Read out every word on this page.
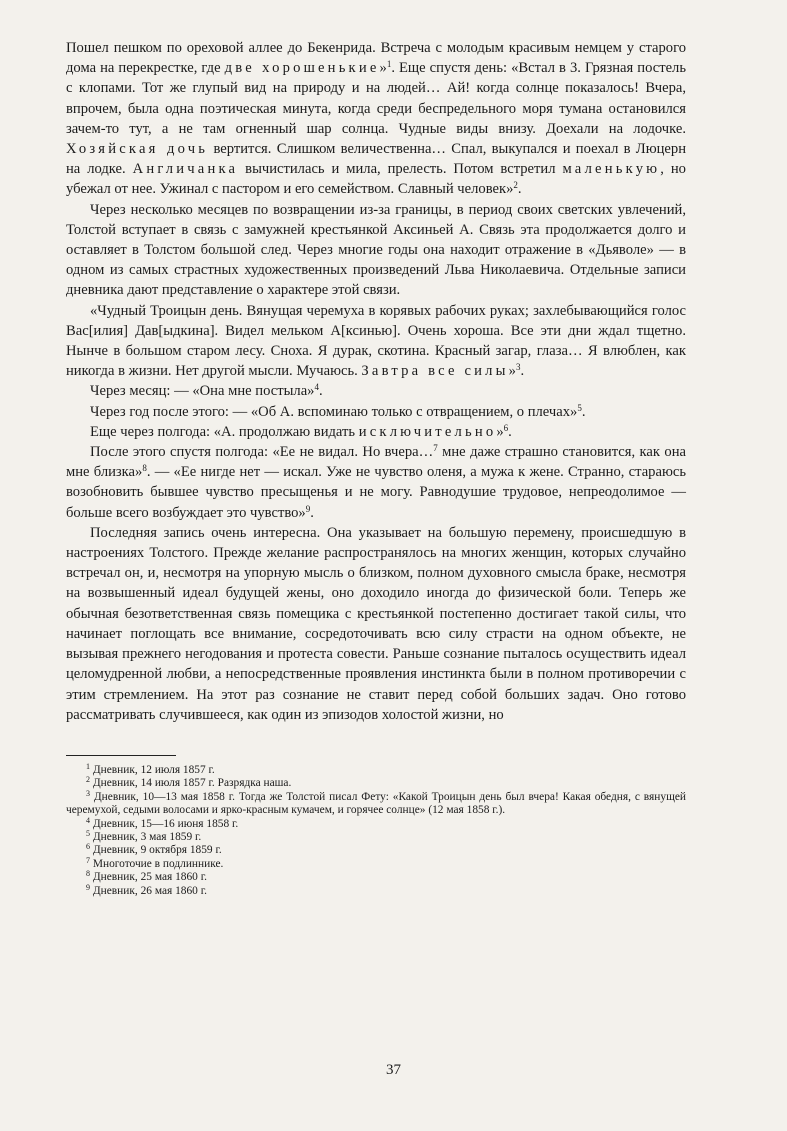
Пошел пешком по ореховой аллее до Бекенрида. Встреча с молодым красивым немцем у старого дома на перекрестке, где две хорошенькие»$^1$. Еще спустя день: «Встал в 3. Грязная постель с клопами. Тот же глупый вид на природу и на людей… Ай! когда солнце показалось! Вчера, впрочем, была одна поэтическая минута, когда среди беспредельного моря тумана остановился зачем-то тут, а не там огненный шар солнца. Чудные виды внизу. Доехали на лодочке. Хозяйская дочь вертится. Слишком величественна… Спал, выкупался и поехал в Люцерн на лодке. Англичанка вычистилась и мила, прелесть. Потом встретил маленькую, но убежал от нее. Ужинал с пастором и его семейством. Славный человек»$^2$.

Через несколько месяцев по возвращении из-за границы, в период своих светских увлечений, Толстой вступает в связь с замужней крестьянкой Аксиньей А. Связь эта продолжается долго и оставляет в Толстом большой след. Через многие годы она находит отражение в «Дьяволе» — в одном из самых страстных художественных произведений Льва Николаевича. Отдельные записи дневника дают представление о характере этой связи.

«Чудный Троицын день. Вянущая черемуха в корявых рабочих руках; захлебывающийся голос Вас[илия] Дав[ыдкина]. Видел мельком А[ксинью]. Очень хороша. Все эти дни ждал тщетно. Нынче в большом старом лесу. Сноха. Я дурак, скотина. Красный загар, глаза… Я влюблен, как никогда в жизни. Нет другой мысли. Мучаюсь. Завтра все силы»$^3$.

Через месяц: — «Она мне постыла»$^4$.

Через год после этого: — «Об А. вспоминаю только с отвращением, о плечах»$^5$.

Еще через полгода: «А. продолжаю видать исключительно»$^6$.

После этого спустя полгода: «Ее не видал. Но вчера…$^7$ мне даже страшно становится, как она мне близка»$^8$. — «Ее нигде нет — искал. Уже не чувство оленя, а мужа к жене. Странно, стараюсь возобновить бывшее чувство пресыщенья и не могу. Равнодушие трудовое, непреодолимое — больше всего возбуждает это чувство»$^9$.

Последняя запись очень интересна. Она указывает на большую перемену, происшедшую в настроениях Толстого. Прежде желание распространялось на многих женщин, которых случайно встречал он, и, несмотря на упорную мысль о близком, полном духовного смысла браке, несмотря на возвышенный идеал будущей жены, оно доходило иногда до физической боли. Теперь же обычная безответственная связь помещика с крестьянкой постепенно достигает такой силы, что начинает поглощать все внимание, сосредоточивать всю силу страсти на одном объекте, не вызывая прежнего негодования и протеста совести. Раньше сознание пыталось осуществить идеал целомудренной любви, а непосредственные проявления инстинкта были в полном противоречии с этим стремлением. На этот раз сознание не ставит перед собой больших задач. Оно готово рассматривать случившееся, как один из эпизодов холостой жизни, но

$^1$ Дневник, 12 июля 1857 г.

$^2$ Дневник, 14 июля 1857 г. Разрядка наша.

$^3$ Дневник, 10—13 мая 1858 г. Тогда же Толстой писал Фету: «Какой Троицын день был вчера! Какая обедня, с вянущей черемухой, седыми волосами и ярко-красным кумачем, и горячее солнце» (12 мая 1858 г.).

$^4$ Дневник, 15—16 июня 1858 г.

$^5$ Дневник, 3 мая 1859 г.

$^6$ Дневник, 9 октября 1859 г.

$^7$ Многоточие в подлиннике.

$^8$ Дневник, 25 мая 1860 г.

$^9$ Дневник, 26 мая 1860 г.

37
